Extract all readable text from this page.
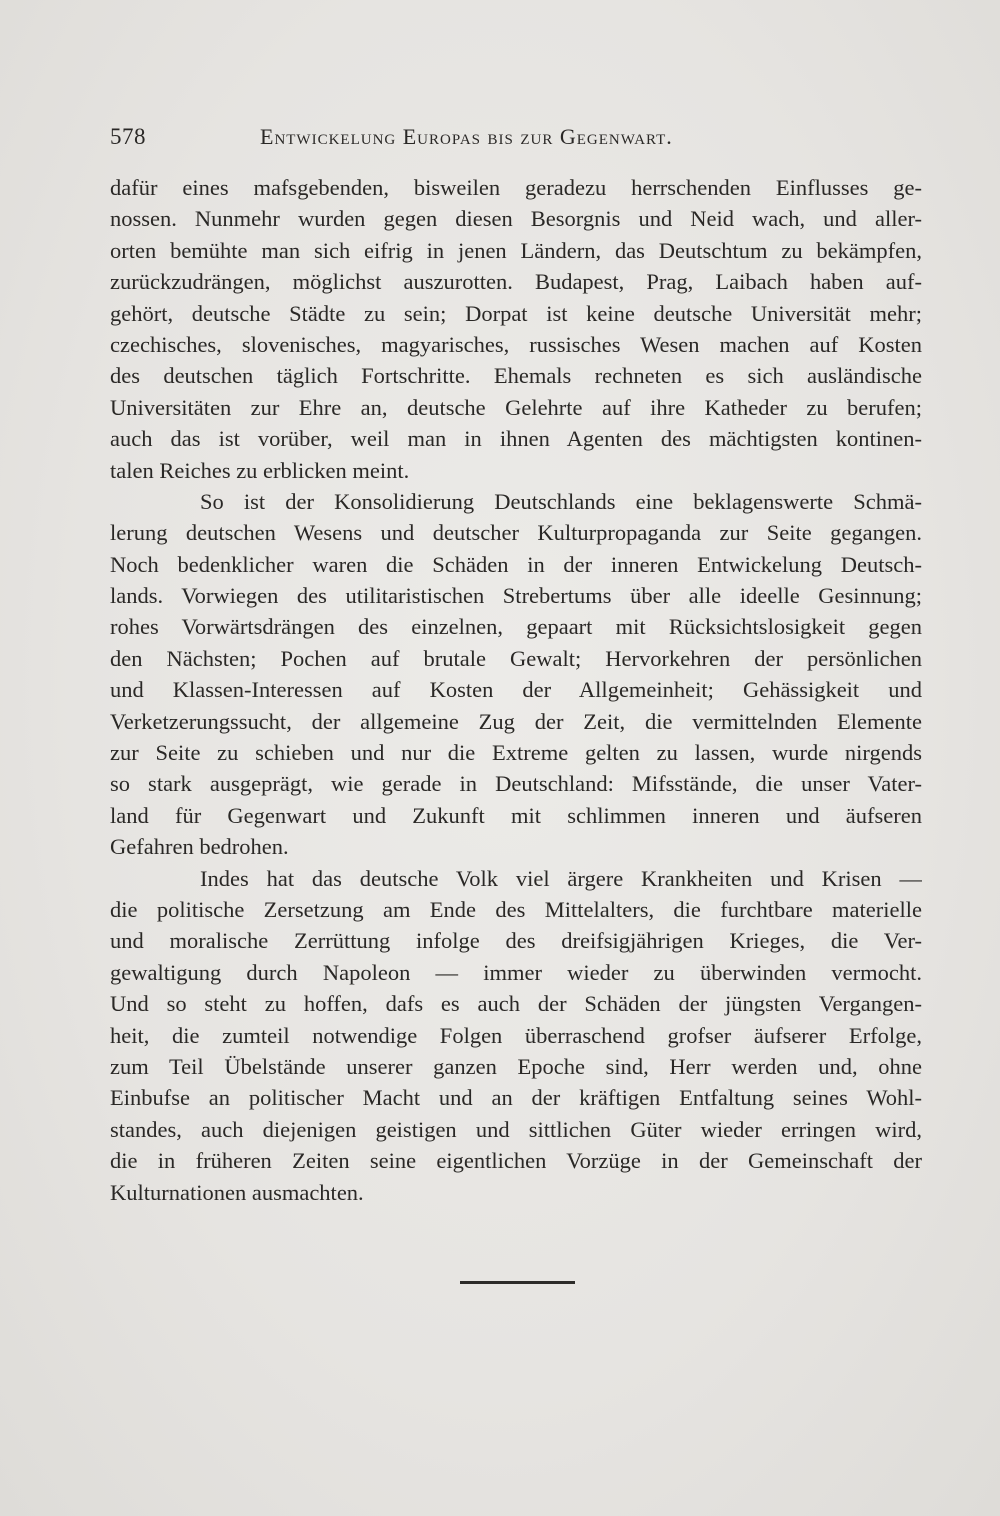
578	Entwickelung Europas bis zur Gegenwart.
dafür eines mafsgebenden, bisweilen geradezu herrschenden Einflusses ge-
nossen. Nunmehr wurden gegen diesen Besorgnis und Neid wach, und aller-
orten bemühte man sich eifrig in jenen Ländern, das Deutschtum zu bekämpfen,
zurückzudrängen, möglichst auszurotten. Budapest, Prag, Laibach haben auf-
gehört, deutsche Städte zu sein; Dorpat ist keine deutsche Universität mehr;
czechisches, slovenisches, magyarisches, russisches Wesen machen auf Kosten
des deutschen täglich Fortschritte. Ehemals rechneten es sich ausländische
Universitäten zur Ehre an, deutsche Gelehrte auf ihre Katheder zu berufen;
auch das ist vorüber, weil man in ihnen Agenten des mächtigsten kontinen-
talen Reiches zu erblicken meint.
So ist der Konsolidierung Deutschlands eine beklagenswerte Schmä-
lerung deutschen Wesens und deutscher Kulturpropaganda zur Seite gegangen.
Noch bedenklicher waren die Schäden in der inneren Entwickelung Deutsch-
lands. Vorwiegen des utilitaristischen Strebertums über alle ideelle Gesinnung;
rohes Vorwärtsdrängen des einzelnen, gepaart mit Rücksichtslosigkeit gegen
den Nächsten; Pochen auf brutale Gewalt; Hervorkehren der persönlichen
und Klassen-Interessen auf Kosten der Allgemeinheit; Gehässigkeit und
Verketzerungssucht, der allgemeine Zug der Zeit, die vermittelnden Elemente
zur Seite zu schieben und nur die Extreme gelten zu lassen, wurde nirgends
so stark ausgeprägt, wie gerade in Deutschland: Mifsstände, die unser Vater-
land für Gegenwart und Zukunft mit schlimmen inneren und äufseren
Gefahren bedrohen.
Indes hat das deutsche Volk viel ärgere Krankheiten und Krisen —
die politische Zersetzung am Ende des Mittelalters, die furchtbare materielle
und moralische Zerrüttung infolge des dreifsigjährigen Krieges, die Ver-
gewaltigung durch Napoleon — immer wieder zu überwinden vermocht.
Und so steht zu hoffen, dafs es auch der Schäden der jüngsten Vergangen-
heit, die zumteil notwendige Folgen überraschend grofser äufserer Erfolge,
zum Teil Übelstände unserer ganzen Epoche sind, Herr werden und, ohne
Einbufse an politischer Macht und an der kräftigen Entfaltung seines Wohl-
standes, auch diejenigen geistigen und sittlichen Güter wieder erringen wird,
die in früheren Zeiten seine eigentlichen Vorzüge in der Gemeinschaft der
Kulturnationen ausmachten.
